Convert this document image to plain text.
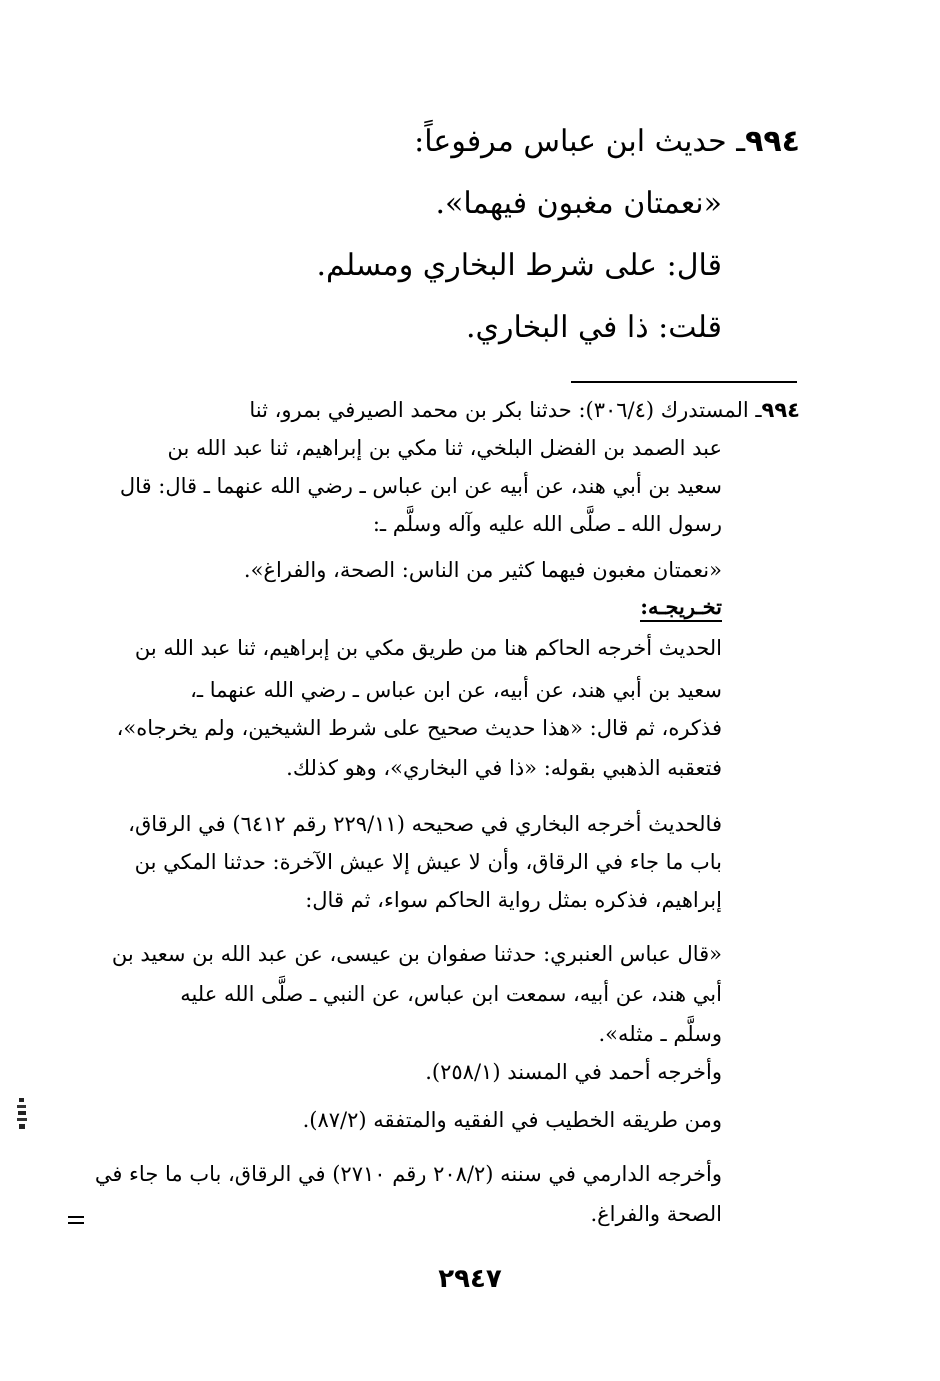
٩٩٤ـ حديث ابن عباس مرفوعاً:
«نعمتان مغبون فيهما».
قال: على شرط البخاري ومسلم.
قلت: ذا في البخاري.
٩٩٤ـ المستدرك (٣٠٦/٤): حدثنا بكر بن محمد الصيرفي بمرو، ثنا
عبد الصمد بن الفضل البلخي، ثنا مكي بن إبراهيم، ثنا عبد الله بن
سعيد بن أبي هند، عن أبيه عن ابن عباس ـ رضي الله عنهما ـ قال: قال
رسول الله ـ صلَّى الله عليه وآله وسلَّم ـ:
«نعمتان مغبون فيهما كثير من الناس: الصحة، والفراغ».
تخـريجـه:
الحديث أخرجه الحاكم هنا من طريق مكي بن إبراهيم، ثنا عبد الله بن
سعيد بن أبي هند، عن أبيه، عن ابن عباس ـ رضي الله عنهما ـ،
فذكره، ثم قال: «هذا حديث صحيح على شرط الشيخين، ولم يخرجاه»،
فتعقبه الذهبي بقوله: «ذا في البخاري»، وهو كذلك.
فالحديث أخرجه البخاري في صحيحه (٢٢٩/١١ رقم ٦٤١٢) في الرقاق،
باب ما جاء في الرقاق، وأن لا عيش إلا عيش الآخرة: حدثنا المكي بن
إبراهيم، فذكره بمثل رواية الحاكم سواء، ثم قال:
«قال عباس العنبري: حدثنا صفوان بن عيسى، عن عبد الله بن سعيد بن
أبي هند، عن أبيه، سمعت ابن عباس، عن النبي ـ صلَّى الله عليه
وسلَّم ـ مثله».
وأخرجه أحمد في المسند (٢٥٨/١).
ومن طريقه الخطيب في الفقيه والمتفقه (٨٧/٢).
وأخرجه الدارمي في سننه (٢٠٨/٢ رقم ٢٧١٠) في الرقاق، باب ما جاء في
الصحة والفراغ.
٢٩٤٧
